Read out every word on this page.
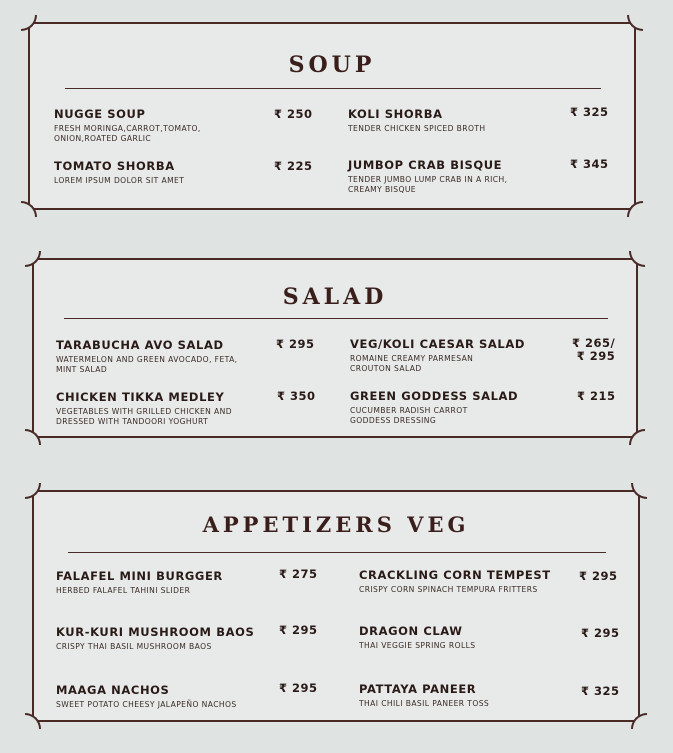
SOUP
NUGGE SOUP
FRESH MORINGA,CARROT,TOMATO, ONION,ROATED GARLIC
₹ 250	KOLI SHORBA
TENDER CHICKEN SPICED BROTH
₹ 325
TOMATO SHORBA
LOREM IPSUM DOLOR SIT AMET
₹ 225	JUMBOP CRAB BISQUE
TENDER JUMBO LUMP CRAB IN A RICH, CREAMY BISQUE
₹ 345
SALAD
TARABUCHA AVO SALAD
WATERMELON AND GREEN AVOCADO, FETA, MINT SALAD
₹ 295	VEG/KOLI CAESAR SALAD
ROMAINE CREAMY PARMESAN CROUTON SALAD
₹ 265/
₹ 295
CHICKEN TIKKA MEDLEY
VEGETABLES WITH GRILLED CHICKEN AND DRESSED WITH TANDOORI YOGHURT
₹ 350	GREEN GODDESS SALAD
CUCUMBER RADISH CARROT GODDESS DRESSING
₹ 215
APPETIZERS VEG
FALAFEL MINI BURGGER
HERBED FALAFEL TAHINI SLIDER
₹ 275	CRACKLING CORN TEMPEST
CRISPY CORN SPINACH TEMPURA FRITTERS
₹ 295
KUR-KURI MUSHROOM BAOS
CRISPY THAI BASIL MUSHROOM BAOS
₹ 295	DRAGON CLAW
THAI VEGGIE SPRING ROLLS
₹ 295
MAAGA NACHOS
SWEET POTATO CHEESY JALAPEÑO NACHOS
₹ 295	PATTAYA PANEER
THAI CHILI BASIL PANEER TOSS
₹ 325
